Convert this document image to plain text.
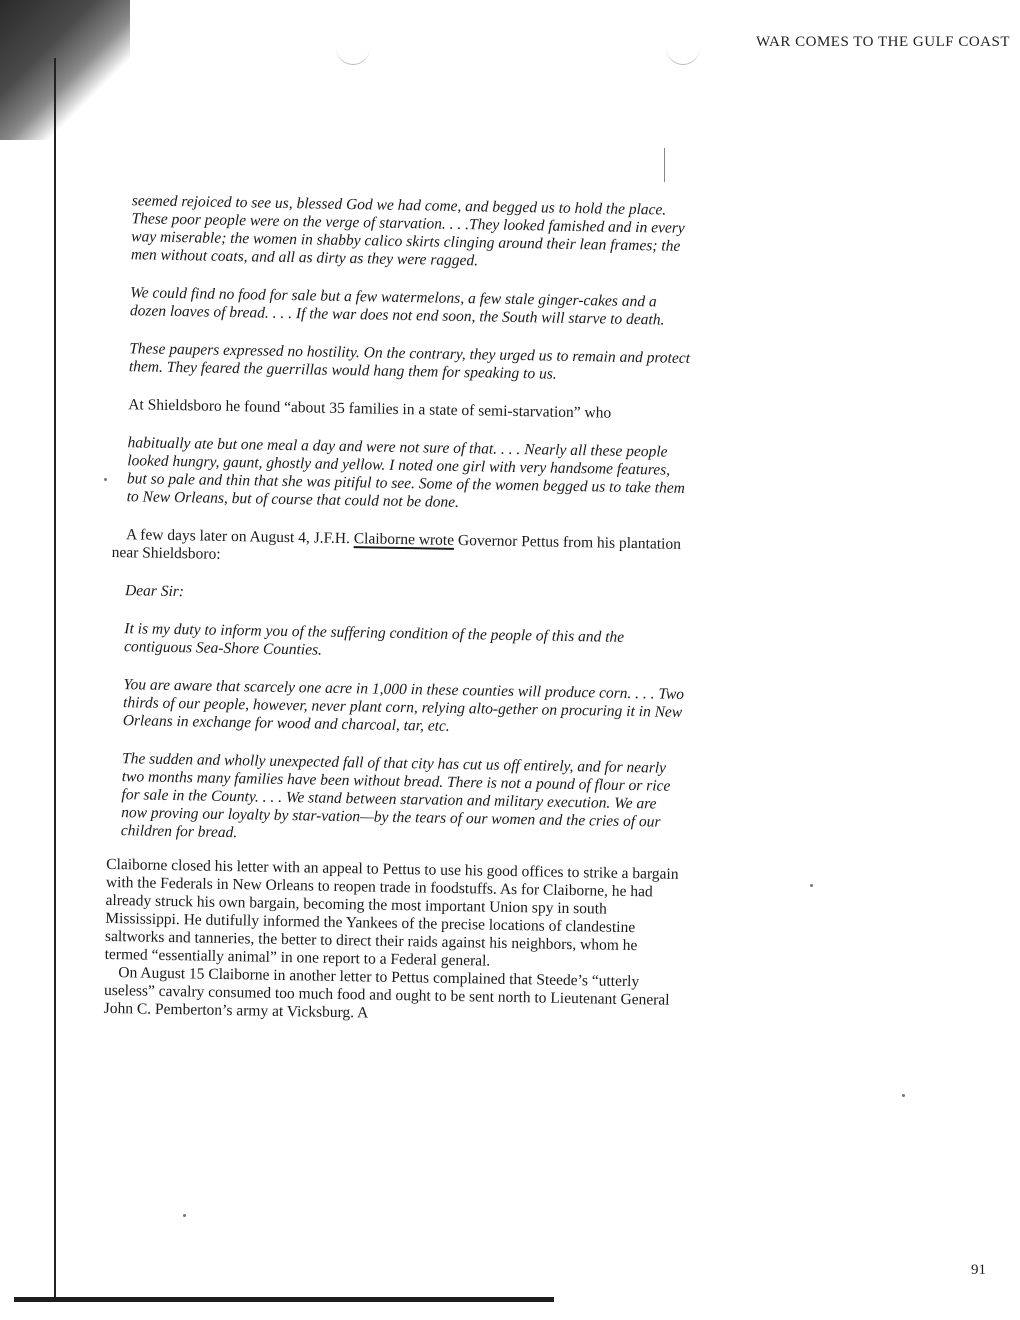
WAR COMES TO THE GULF COAST

seemed rejoiced to see us, blessed God we had come, and begged us to hold the place. These poor people were on the verge of starvation. . . .They looked famished and in every way miserable; the women in shabby calico skirts clinging around their lean frames; the men without coats, and all as dirty as they were ragged.

We could find no food for sale but a few watermelons, a few stale ginger-cakes and a dozen loaves of bread. . . . If the war does not end soon, the South will starve to death.

These paupers expressed no hostility. On the contrary, they urged us to remain and protect them. They feared the guerrillas would hang them for speaking to us.

At Shieldsboro he found “about 35 families in a state of semi-starvation” who

habitually ate but one meal a day and were not sure of that. . . . Nearly all these people looked hungry, gaunt, ghostly and yellow. I noted one girl with very handsome features, but so pale and thin that she was pitiful to see. Some of the women begged us to take them to New Orleans, but of course that could not be done.

A few days later on August 4, J.F.H. Claiborne wrote Governor Pettus from his plantation near Shieldsboro:

Dear Sir:

It is my duty to inform you of the suffering condition of the people of this and the contiguous Sea-Shore Counties.

You are aware that scarcely one acre in 1,000 in these counties will produce corn. . . . Two thirds of our people, however, never plant corn, relying alto-gether on procuring it in New Orleans in exchange for wood and charcoal, tar, etc.

The sudden and wholly unexpected fall of that city has cut us off entirely, and for nearly two months many families have been without bread. There is not a pound of flour or rice for sale in the County. . . . We stand between starvation and military execution. We are now proving our loyalty by star-vation—by the tears of our women and the cries of our children for bread.

Claiborne closed his letter with an appeal to Pettus to use his good offices to strike a bargain with the Federals in New Orleans to reopen trade in foodstuffs. As for Claiborne, he had already struck his own bargain, becoming the most important Union spy in south Mississippi. He dutifully informed the Yankees of the precise locations of clandestine saltworks and tanneries, the better to direct their raids against his neighbors, whom he termed “essentially animal” in one report to a Federal general.

On August 15 Claiborne in another letter to Pettus complained that Steede’s “utterly useless” cavalry consumed too much food and ought to be sent north to Lieutenant General John C. Pemberton’s army at Vicksburg. A

91
